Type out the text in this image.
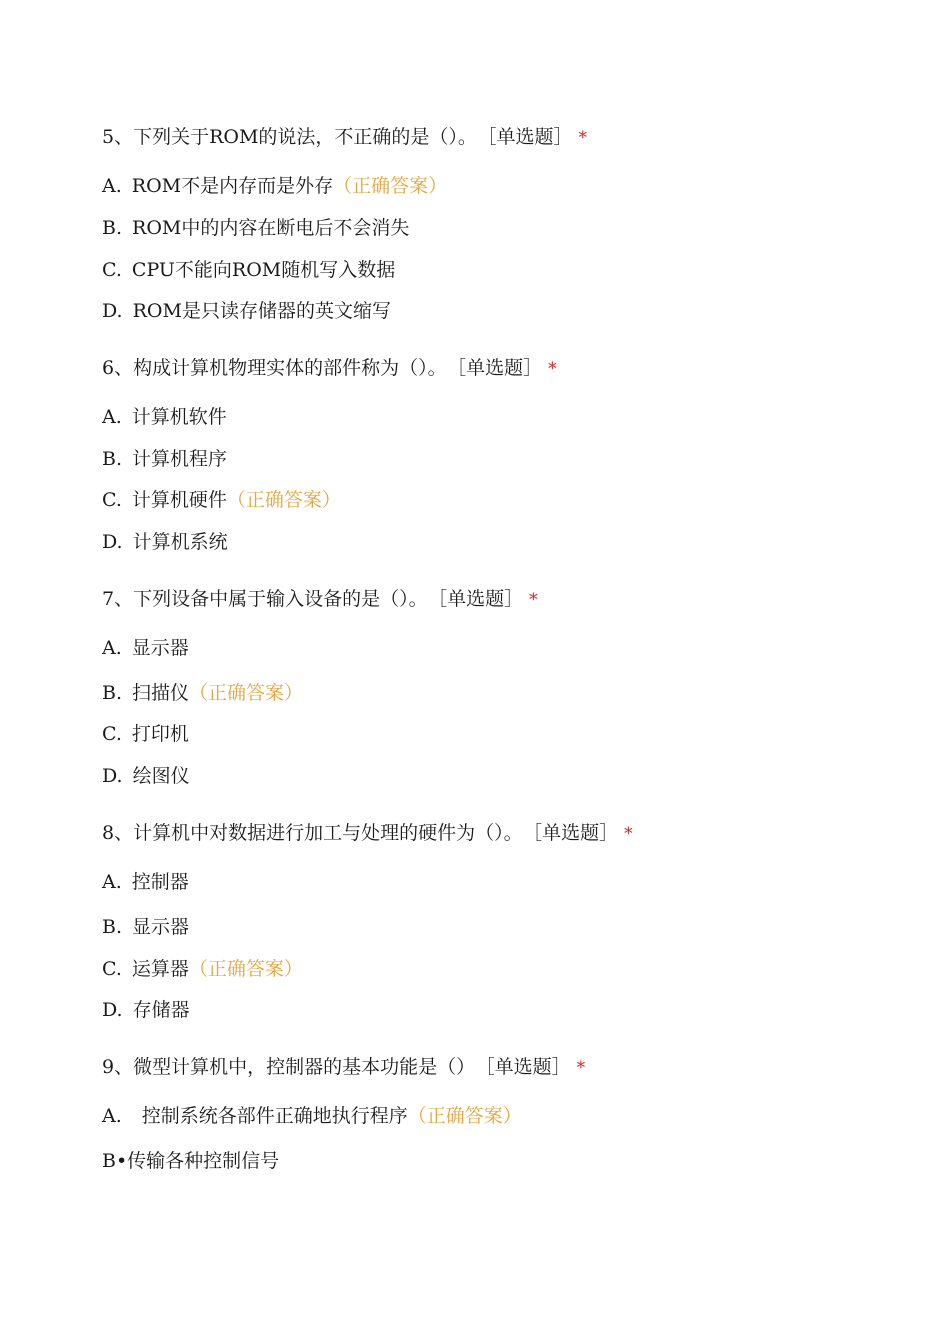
5、下列关于ROM的说法，不正确的是（）。 ［单选题］ *
A. ROM不是内存而是外存（正确答案）
B. ROM中的内容在断电后不会消失
C. CPU不能向ROM随机写入数据
D. ROM是只读存储器的英文缩写
6、构成计算机物理实体的部件称为（）。 ［单选题］ *
A. 计算机软件
B. 计算机程序
C. 计算机硬件（正确答案）
D. 计算机系统
7、下列设备中属于输入设备的是（）。 ［单选题］ *
A. 显示器
B. 扫描仪（正确答案）
C. 打印机
D. 绘图仪
8、计算机中对数据进行加工与处理的硬件为（）。 ［单选题］ *
A. 控制器
B. 显示器
C. 运算器（正确答案）
D. 存储器
9、微型计算机中，控制器的基本功能是（） ［单选题］ *
A. 控制系统各部件正确地执行程序（正确答案）
B•传输各种控制信号
